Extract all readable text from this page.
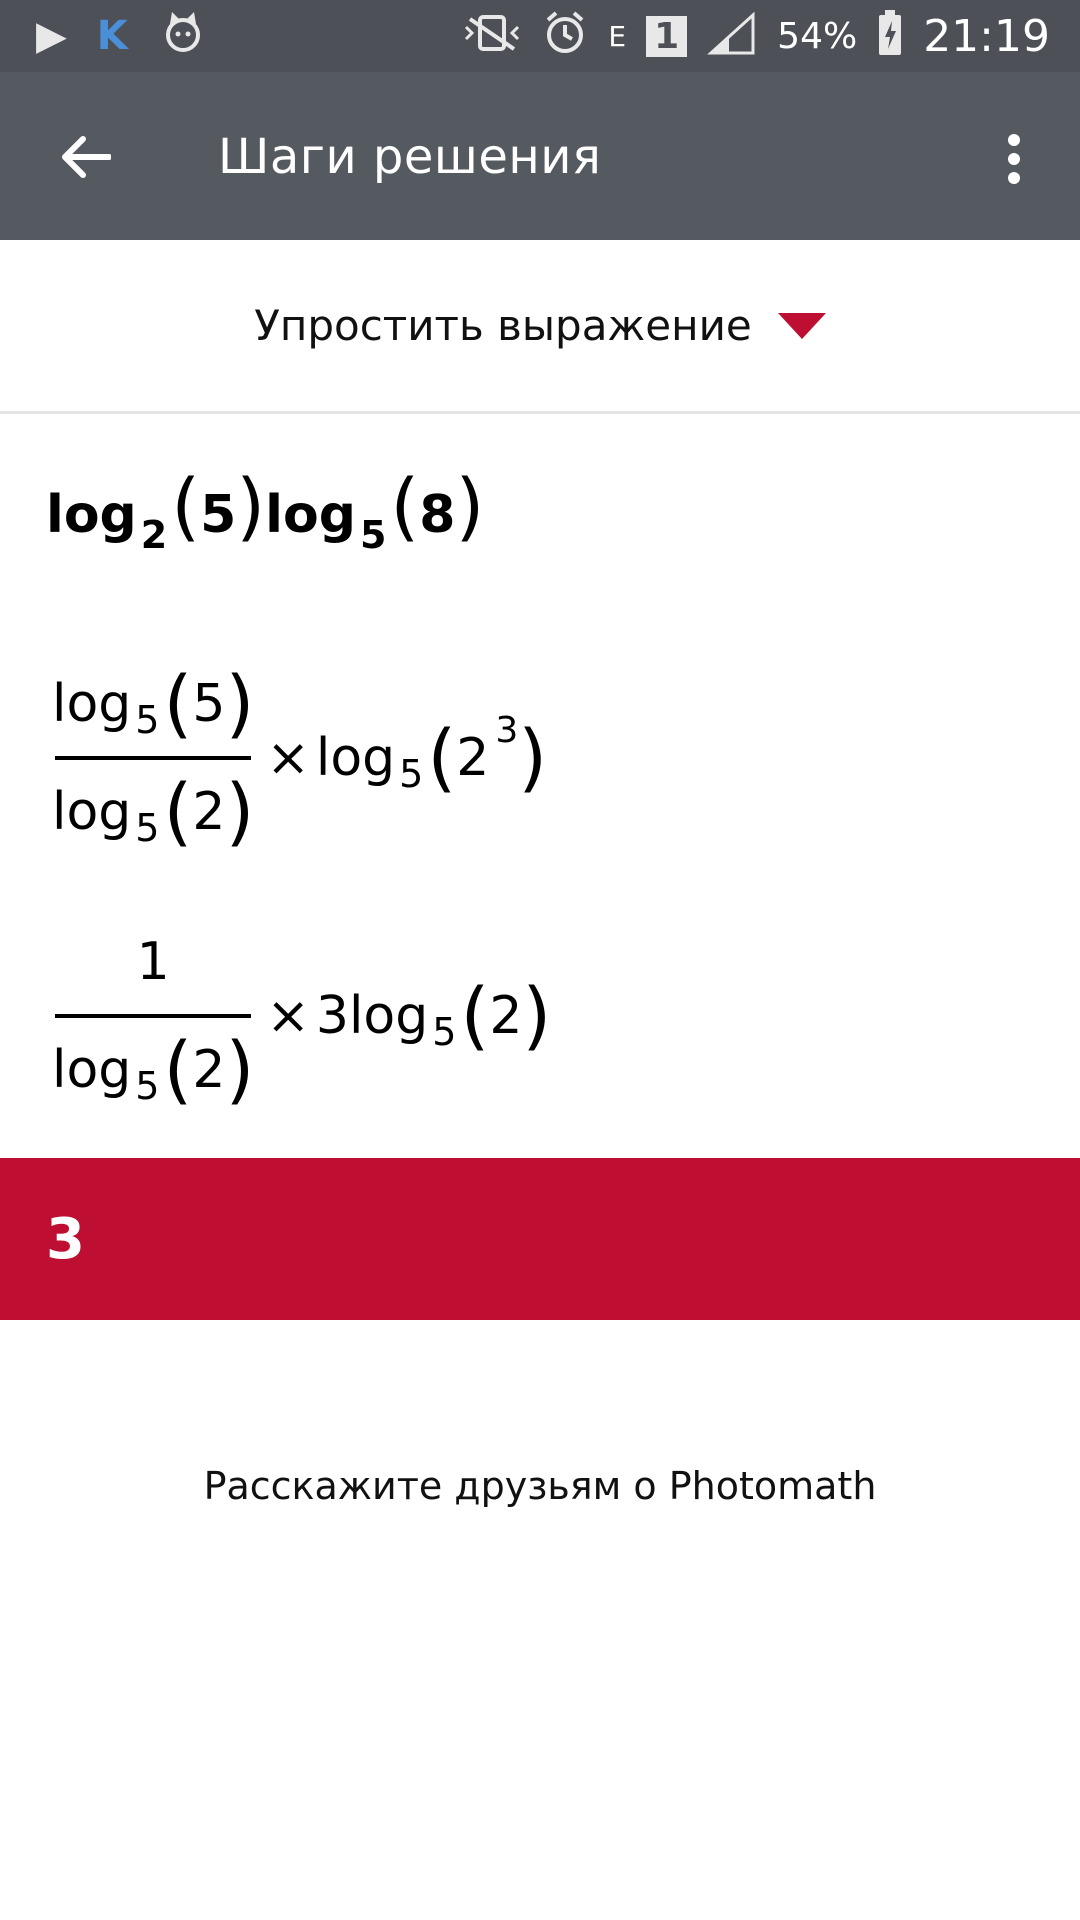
▶ K	E 1	54% 21:19
Шаги решения
Упростить выражение
log 2 ( 5 ) log 5 ( 8 )
$\frac{\log 5 ( 5 )}{\log 5 ( 2 )} \times \log 5$ ( 2 3 )
$\frac{1}{\log 5 ( 2 )} \times 3$ log 5 ( 2 )
3
Расскажите друзьям о Photomath
